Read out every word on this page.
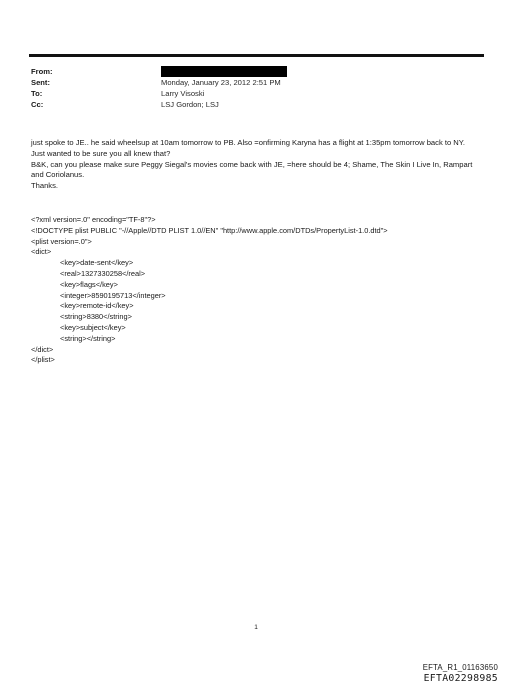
From:
Sent:	Monday, January 23, 2012 2:51 PM
To:	Larry Visoski
Cc:	LSJ Gordon; LSJ

just spoke to JE.. he said wheelsup at 10am tomorrow to PB. Also =onfirming Karyna has a flight at 1:35pm tomorrow back to NY.

Just wanted to be sure you all knew that?

B&K, can you please make sure Peggy Siegal's movies come back with JE, =here should be 4; Shame, The Skin I Live In, Rampart and Coriolanus.

Thanks.

<?xml version=.0" encoding="TF-8"?>
<!DOCTYPE plist PUBLIC "-//Apple//DTD PLIST 1.0//EN" "http://www.apple.com/DTDs/PropertyList-1.0.dtd">
<plist version=.0">
<dict>
<key>date-sent</key>
<real>1327330258</real>
<key>flags</key>
<integer>8590195713</integer>
<key>remote-id</key>
<string>8380</string>
<key>subject</key>
<string></string>
</dict>
</plist>
1
EFTA_R1_01163650
EFTA02298985
